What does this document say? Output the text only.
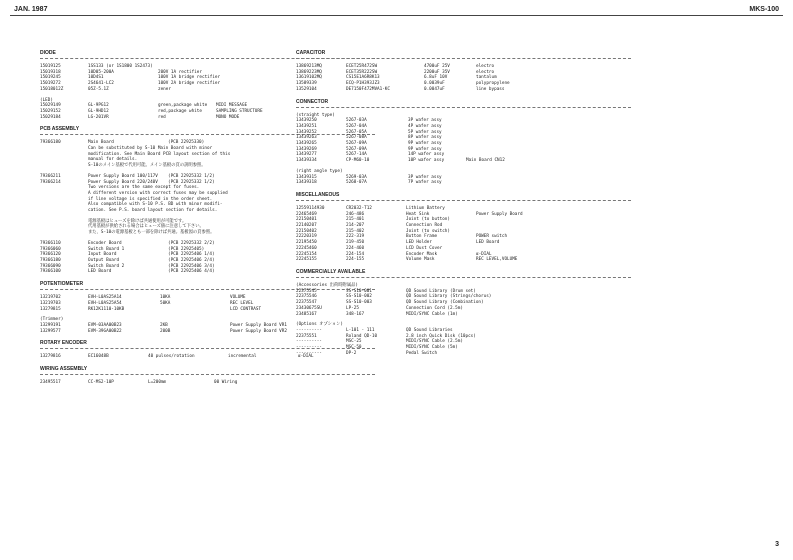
JAN. 1987	MKS-100
DIODE
15019125	1SS133 (or 1S1800 1S2473)
15019318	10D05-200A	200V 1A rectifier
15019245	10D4S1	100V 1A bridge rectifier
15019272	2S4641-LC2	100V 2A bridge rectifier
15018012Z	05Z-5.1Z	zener
(LED)
15029149	GL-9PG12	green,package white	MIDI MESSAGE
15029152	GL-9HD12	red,package white	SAMPLING STRUCTURE
15029184	LG-201VR	red	MONO MODE
PCB ASSEMBLY
79366180	Main Board	(PCB 22925330)
Can be substituted by S-10 Main Board with minor
modification. See Main Board PCB layout section of this
manual for details.
S-10のメイン基板で代用可能。メイン基板の頁の説明参照。
79366211	Power Supply Board 100/117V	(PCB 22925332 1/2)
79366214	Power Supply Board 220/240V	(PCB 22925332 1/2)
Two versions are the same except for fuses.
A different version with correct fuses may be supplied
if line voltage is specified in the order sheet.
Also compatible with S-10 P.S. BD with minor modifi-
cation. See P.S. board layout section for details.
電源基板はヒューズを除けば共通使用が可能です。
代用基板が供給される場合はヒューズ値に注意して下さい。
また、S-10の電源基板とも一部を除けば共通。基板図の頁参照。
79366110	Encoder Board	(PCB 22925332 2/2)
79366060	Switch Board 1	(PCB 22925405)
79366120	Input Board	(PCB 22925406 1/4)
79366180	Output Board	(PCB 22925406 2/4)
79366090	Switch Board 2	(PCB 22925406 3/4)
79366100	LED Board	(PCB 22925406 4/4)
POTENTIOMETER
13219702	EVH-L0AS25A14	10KA	VOLUME
13219703	EVH-L0AS25A54	50KA	REC LEVEL
13279815	RK12K1110-10KB	LCD CONTRAST
(Trimmer)
13299191	EVM-03AA00B23	2KB	Power Supply Board VR1
13299577	EVM-39GA00B22	200B	Power Supply Board VR2
ROTARY ENCODER
13279816	EC16048B	40 pulses/rotation	incremental	α-DIAL
WIRING ASSEMBLY
23495517	CC-MS2-10P	L=200mm	00 Wiring
CAPACITOR
13869213MQ	ECET25R472SW	4700uF 25V	electro
13869223MQ	ECET35R222SW	2200uF 35V	electro
13619102MQ	CS15E1A6R8K13	6.8uF 10V	tantalum
13589339	ECQ-P1H393JZ3	0.0039uF	polypropylene
13529104	DE7150F472MVA1-KC	0.0047uF	line bypass
CONNECTOR
(straight type)
13439250	5267-03A	3P wafer assy
13439251	5267-04A	4P wafer assy
13439252	5267-05A	5P wafer assy
13439263	5267-08A	8P wafer assy
13439265	5267-09A	9P wafer assy
13439269	5267-09A	9P wafer assy
13439277	5267-14A	14P wafer assy
13439334	CP-M60-10	10P wafer assy	Main Board CN12
(right angle type)
13439315	5269-03A	3P wafer assy
13439318	5268-07A	7P wafer assy
MISCELLANEOUS
12559114930	CR2032-T12	Lithium Battery
22465469	246-486	Heat Sink	Power Supply Board
22150401	215-401	Joint (to button)
22140207	214-207	Connection Rod
22150402	215-402	Joint (to switch)
22220319	222-319	Button Frame	POWER switch
22195450	219-450	LED Holder	LED Board
22245460	224-460	LCD Dust Cover
22245154	224-154	Encoder Mask	α-DIAL
22245155	224-155	Volume Mask	REC LEVEL,VOLUME
COMMERCIALLY AVAILABLE
(Accessories 出荷時附属品)
22375545	SS-S10-001	QD Sound Library (Drum set)
22375546	SS-S10-002	QD Sound Library (Strings/chorus)
22375547	SS-S10-003	QD Sound Library (Combination)
23430675SU	LP-25	Connection Cord (2.5m)
23485167	348-167	MIDI/SYNC Cable (1m)
(Options オプション)
----------	L-101 - 111	QD Sound Libraries
22375551	Roland QD-10	2.8 inch Quick Disk (10pcs)
----------	MSC-25	MIDI/SYNC Cable (2.5m)
----------	MSC-50	MIDI/SYNC Cable (5m)
----------	DP-2	Pedal Switch
3
